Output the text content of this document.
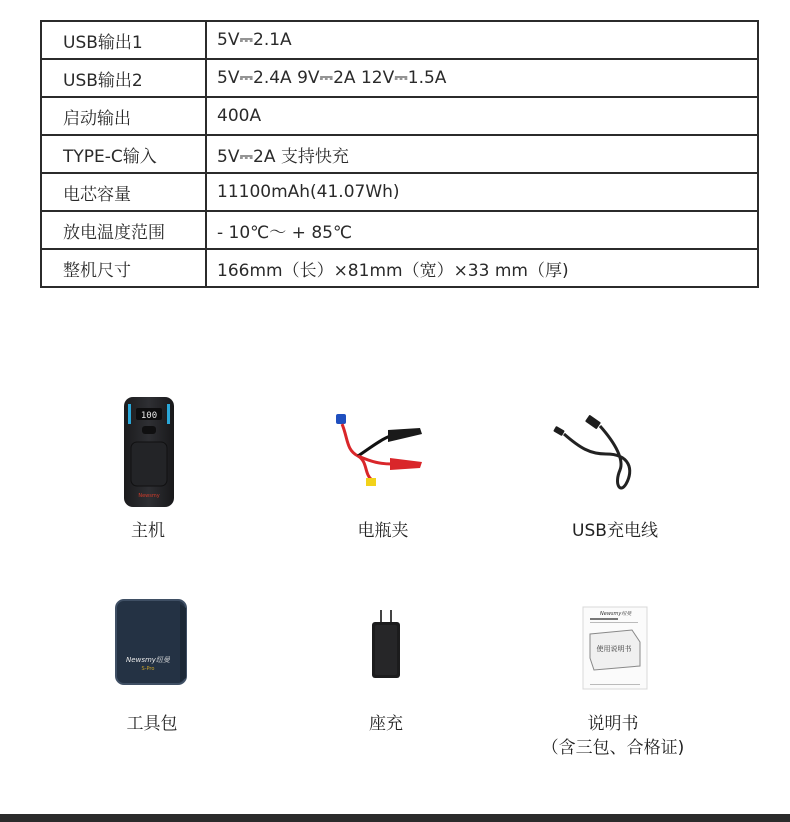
USB输出1	5V⎓2.1A
USB输出2	5V⎓2.4A 9V⎓2A 12V⎓1.5A
启动输出	400A
TYPE-C输入	5V⎓2A 支持快充
电芯容量	11100mAh(41.07Wh)
放电温度范围	- 10℃～ + 85℃
整机尺寸	166mm（长）×81mm（宽）×33 mm（厚)
100
Newsmy
主机	电瓶夹	USB充电线
Newsmy纽曼
S-Pro
工具包	座充
Newsmy纽曼
使用说明书
说明书
（含三包、合格证)
